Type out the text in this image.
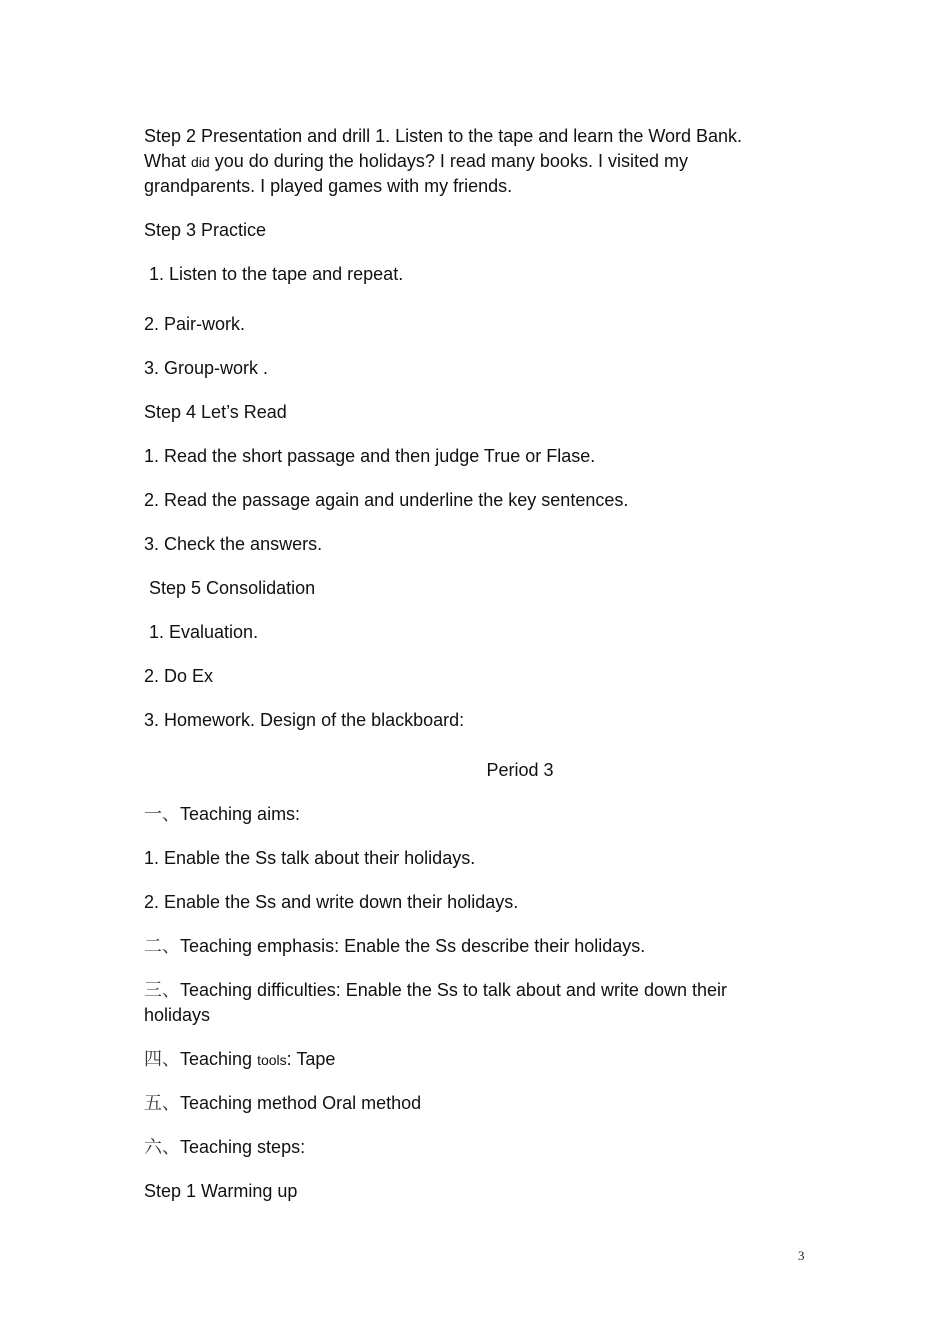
Step 2 Presentation and drill 1. Listen to the tape and learn the Word Bank.
What did you do during the holidays? I read many books. I visited my
grandparents. I played games with my friends.
Step 3 Practice
1. Listen to the tape and repeat.
2. Pair-work.
3. Group-work .
Step 4 Let’s Read
1. Read the short passage and then judge True or Flase.
2. Read the passage again and underline the key sentences.
3. Check the answers.
Step 5 Consolidation
1. Evaluation.
2. Do Ex
3. Homework. Design of the blackboard:
Period 3
一、Teaching aims:
1. Enable the Ss talk about their holidays.
2. Enable the Ss and write down their holidays.
二、Teaching emphasis: Enable the Ss describe their holidays.
三、Teaching difficulties: Enable the Ss to talk about and write down their
holidays
四、Teaching tools: Tape
五、Teaching method Oral method
六、Teaching steps:
Step 1 Warming up
3
